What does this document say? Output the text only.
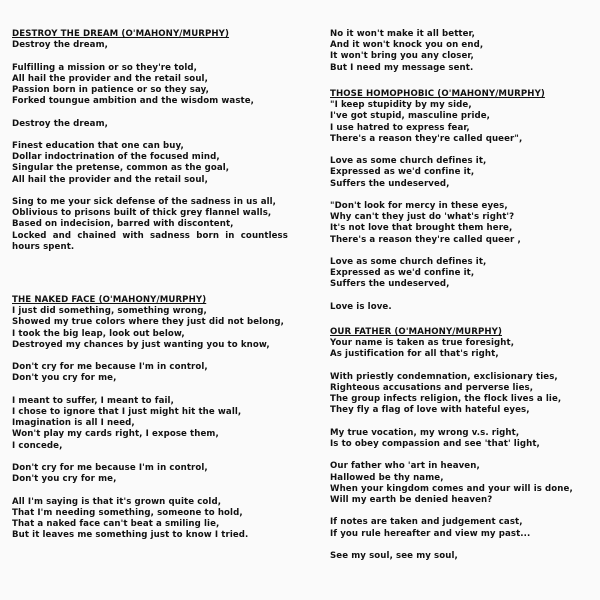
DESTROY THE DREAM (O'MAHONY/MURPHY)
Destroy the dream,
Fulfilling a mission or so they're told,
All hail the provider and the retail soul,
Passion born in patience or so they say,
Forked toungue ambition and the wisdom waste,
Destroy the dream,
Finest education that one can buy,
Dollar indoctrination of the focused mind,
Singular the pretense, common as the goal,
All hail the provider and the retail soul,
Sing to me your sick defense of the sadness in us all,
Oblivious to prisons built of thick grey flannel walls,
Based on indecision, barred with discontent,
Locked and chained with sadness born in countless hours spent.
THE NAKED FACE (O'MAHONY/MURPHY)
I just did something, something wrong,
Showed my true colors where they just did not belong,
I took the big leap, look out below,
Destroyed my chances by just wanting you to know,
Don't cry for me because I'm in control,
Don't you cry for me,
I meant to suffer, I meant to fail,
I chose to ignore that I just might hit the wall,
Imagination is all I need,
Won't play my cards right, I expose them,
I concede,
Don't cry for me because I'm in control,
Don't you cry for me,
All I'm saying is that it's grown quite cold,
That I'm needing something, someone to hold,
That a naked face can't beat a smiling lie,
But it leaves me something just to know I tried.
No it won't make it all better,
And it won't knock you on end,
It won't bring you any closer,
But I need my message sent.
THOSE HOMOPHOBIC (O'MAHONY/MURPHY)
"I keep stupidity by my side,
I've got stupid, masculine pride,
I use hatred to express fear,
There's a reason they're called queer",
Love as some church defines it,
Expressed as we'd confine it,
Suffers the undeserved,
"Don't look for mercy in these eyes,
Why can't they just do 'what's right'?
It's not love that brought them here,
There's a reason they're called queer ,
Love as some church defines it,
Expressed as we'd confine it,
Suffers the undeserved,
Love is love.
OUR FATHER (O'MAHONY/MURPHY)
Your name is taken as true foresight,
As justification for all that's right,
With priestly condemnation, exclisionary ties,
Righteous accusations and perverse lies,
The group infects religion, the flock lives a lie,
They fly a flag of love with hateful eyes,
My true vocation, my wrong v.s. right,
Is to obey compassion and see 'that' light,
Our father who 'art in heaven,
Hallowed be thy name,
When your kingdom comes and your will is done,
Will my earth be denied heaven?
If notes are taken and judgement cast,
If you rule hereafter and view my past...
See my soul, see my soul,
